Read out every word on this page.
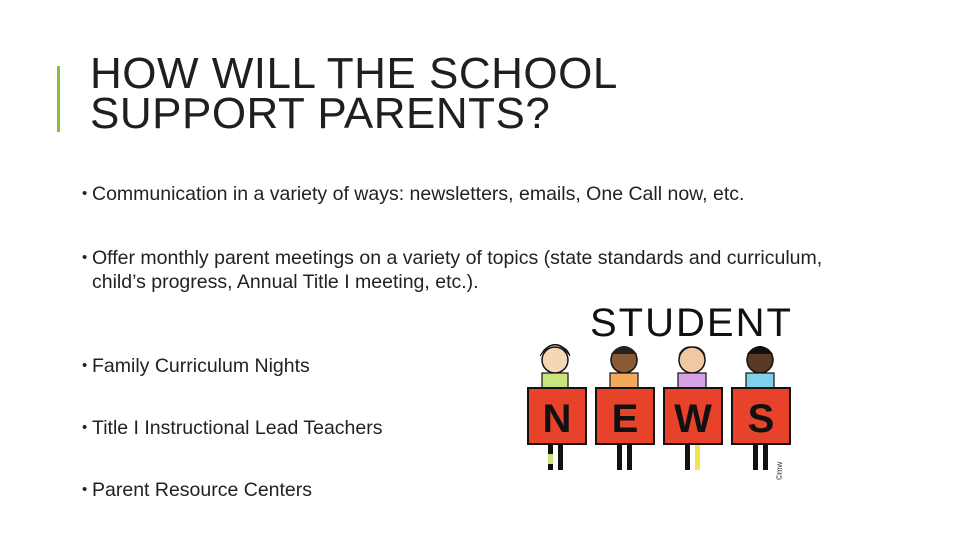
HOW WILL THE SCHOOL
SUPPORT PARENTS?
• Communication in a variety of ways: newsletters, emails, One Call now, etc.
• Offer monthly parent meetings on a variety of topics (state standards and curriculum, child’s progress, Annual Title I meeting, etc.).
• Family Curriculum Nights
• Title I Instructional Lead Teachers
• Parent Resource Centers
STUDENT
N E W S
©mw
